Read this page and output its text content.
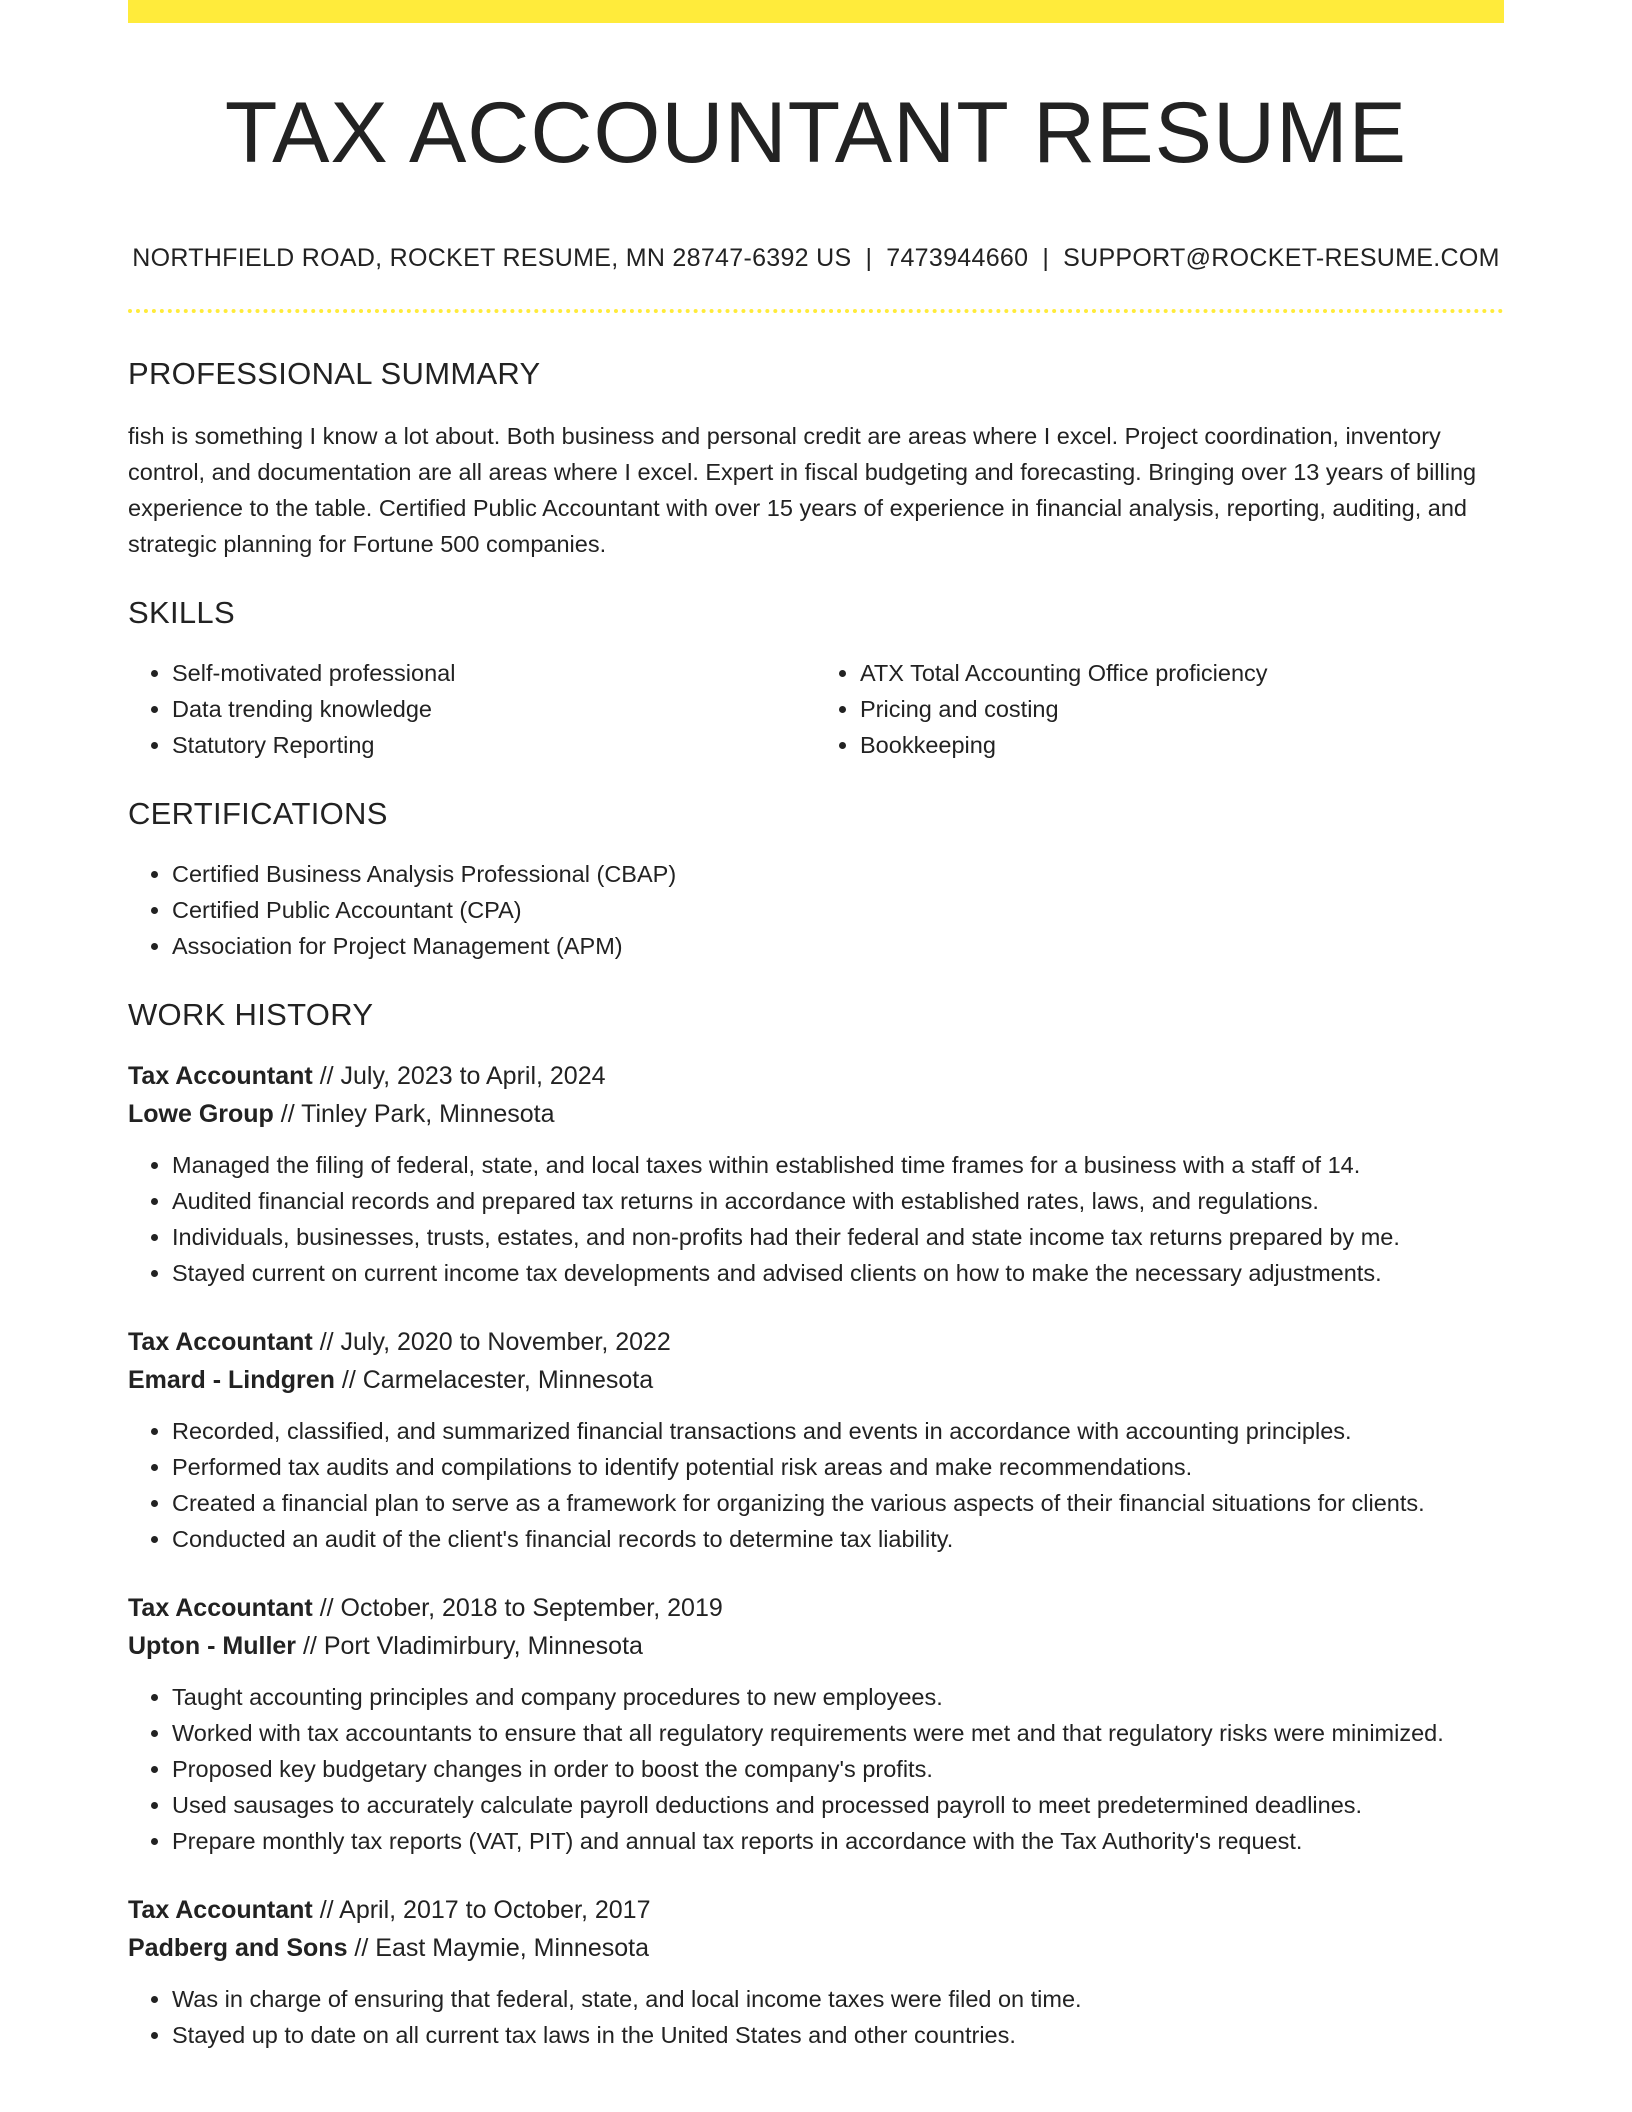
TAX ACCOUNTANT RESUME
NORTHFIELD ROAD, ROCKET RESUME, MN 28747-6392 US | 7473944660 | SUPPORT@ROCKET-RESUME.COM
PROFESSIONAL SUMMARY

fish is something I know a lot about. Both business and personal credit are areas where I excel. Project coordination, inventory control, and documentation are all areas where I excel. Expert in fiscal budgeting and forecasting. Bringing over 13 years of billing experience to the table. Certified Public Accountant with over 15 years of experience in financial analysis, reporting, auditing, and strategic planning for Fortune 500 companies.

SKILLS
• Self-motivated professional
• Data trending knowledge
• Statutory Reporting
• ATX Total Accounting Office proficiency
• Pricing and costing
• Bookkeeping
CERTIFICATIONS
• Certified Business Analysis Professional (CBAP)
• Certified Public Accountant (CPA)
• Association for Project Management (APM)
WORK HISTORY
Tax Accountant // July, 2023 to April, 2024
Lowe Group // Tinley Park, Minnesota
• Managed the filing of federal, state, and local taxes within established time frames for a business with a staff of 14.
• Audited financial records and prepared tax returns in accordance with established rates, laws, and regulations.
• Individuals, businesses, trusts, estates, and non-profits had their federal and state income tax returns prepared by me.
• Stayed current on current income tax developments and advised clients on how to make the necessary adjustments.
Tax Accountant // July, 2020 to November, 2022
Emard - Lindgren // Carmelacester, Minnesota
• Recorded, classified, and summarized financial transactions and events in accordance with accounting principles.
• Performed tax audits and compilations to identify potential risk areas and make recommendations.
• Created a financial plan to serve as a framework for organizing the various aspects of their financial situations for clients.
• Conducted an audit of the client's financial records to determine tax liability.
Tax Accountant // October, 2018 to September, 2019
Upton - Muller // Port Vladimirbury, Minnesota
• Taught accounting principles and company procedures to new employees.
• Worked with tax accountants to ensure that all regulatory requirements were met and that regulatory risks were minimized.
• Proposed key budgetary changes in order to boost the company's profits.
• Used sausages to accurately calculate payroll deductions and processed payroll to meet predetermined deadlines.
• Prepare monthly tax reports (VAT, PIT) and annual tax reports in accordance with the Tax Authority's request.
Tax Accountant // April, 2017 to October, 2017
Padberg and Sons // East Maymie, Minnesota
• Was in charge of ensuring that federal, state, and local income taxes were filed on time.
• Stayed up to date on all current tax laws in the United States and other countries.
